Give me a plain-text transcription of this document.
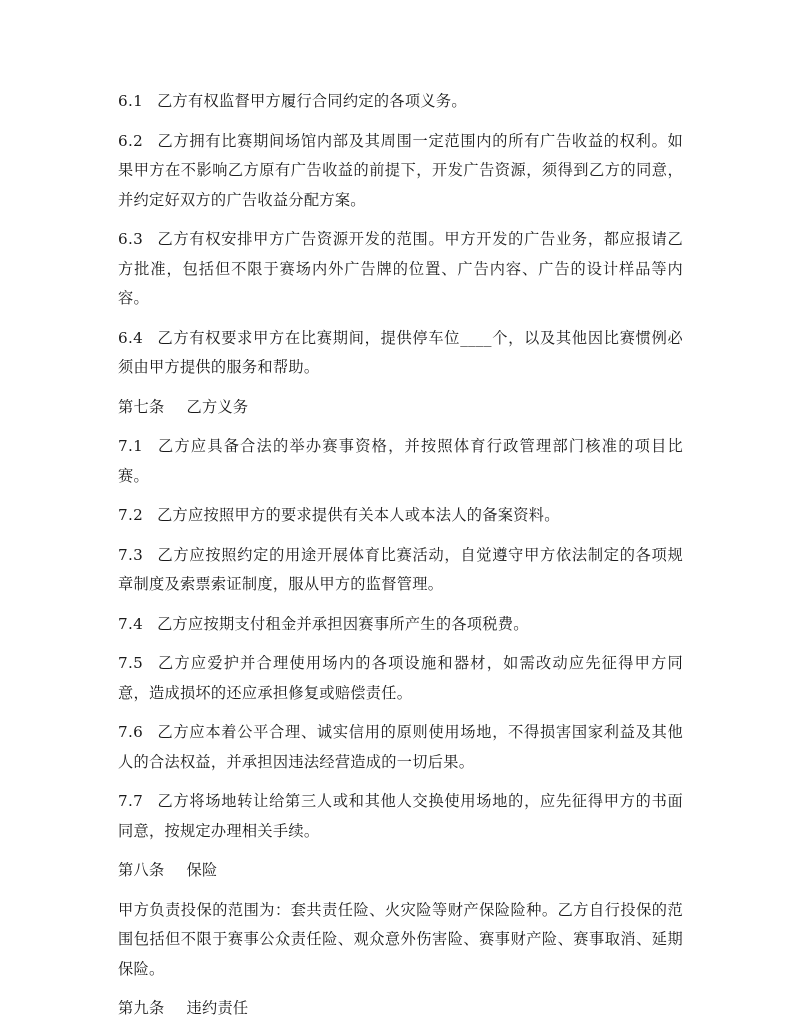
6.1 乙方有权监督甲方履行合同约定的各项义务。

6.2 乙方拥有比赛期间场馆内部及其周围一定范围内的所有广告收益的权利。如果甲方在不影响乙方原有广告收益的前提下，开发广告资源，须得到乙方的同意，并约定好双方的广告收益分配方案。

6.3 乙方有权安排甲方广告资源开发的范围。甲方开发的广告业务，都应报请乙方批准，包括但不限于赛场内外广告牌的位置、广告内容、广告的设计样品等内容。

6.4 乙方有权要求甲方在比赛期间，提供停车位____个，以及其他因比赛惯例必须由甲方提供的服务和帮助。

第七条 乙方义务

7.1 乙方应具备合法的举办赛事资格，并按照体育行政管理部门核准的项目比赛。

7.2 乙方应按照甲方的要求提供有关本人或本法人的备案资料。

7.3 乙方应按照约定的用途开展体育比赛活动，自觉遵守甲方依法制定的各项规章制度及索票索证制度，服从甲方的监督管理。

7.4 乙方应按期支付租金并承担因赛事所产生的各项税费。

7.5 乙方应爱护并合理使用场内的各项设施和器材，如需改动应先征得甲方同意，造成损坏的还应承担修复或赔偿责任。

7.6 乙方应本着公平合理、诚实信用的原则使用场地，不得损害国家利益及其他人的合法权益，并承担因违法经营造成的一切后果。

7.7 乙方将场地转让给第三人或和其他人交换使用场地的，应先征得甲方的书面同意，按规定办理相关手续。

第八条 保险

甲方负责投保的范围为：套共责任险、火灾险等财产保险险种。乙方自行投保的范围包括但不限于赛事公众责任险、观众意外伤害险、赛事财产险、赛事取消、延期保险。

第九条 违约责任
